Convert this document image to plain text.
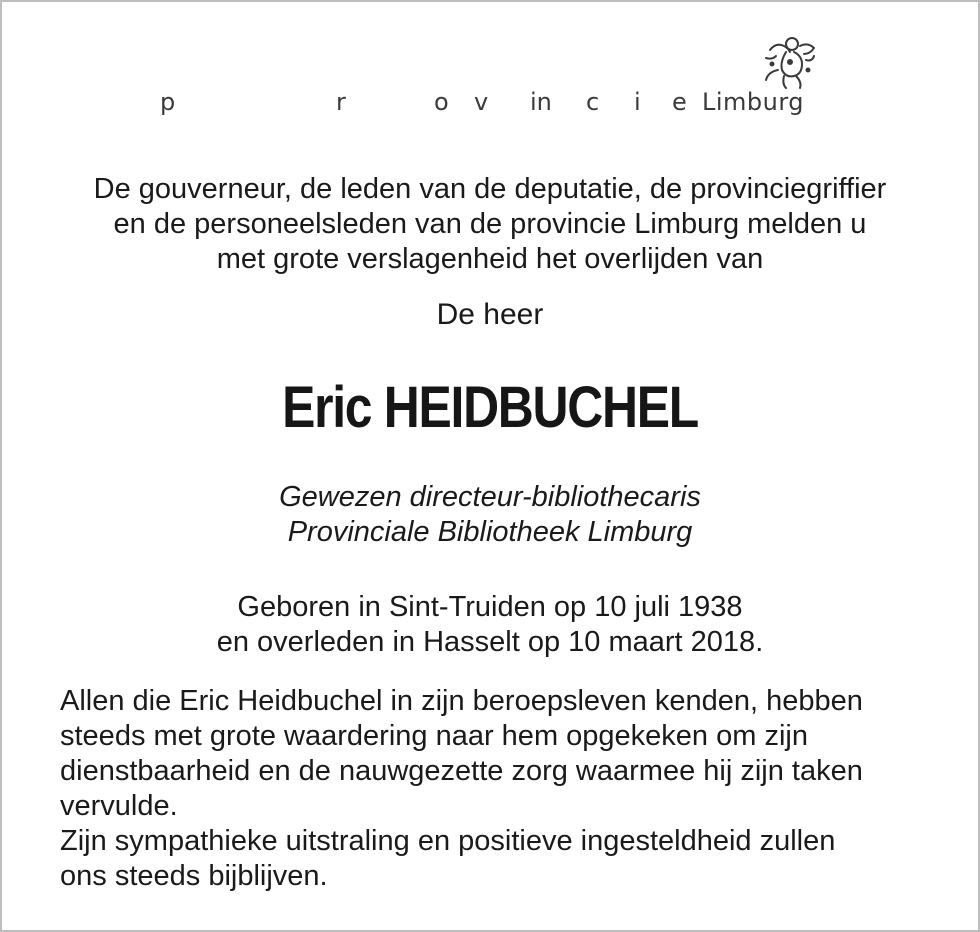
p	r	o v in c i e Limburg
De gouverneur, de leden van de deputatie, de provinciegriffier
en de personeelsleden van de provincie Limburg melden u
met grote verslagenheid het overlijden van
De heer
Eric HEIDBUCHEL
Gewezen directeur-bibliothecaris
Provinciale Bibliotheek Limburg
Geboren in Sint-Truiden op 10 juli 1938
en overleden in Hasselt op 10 maart 2018.
Allen die Eric Heidbuchel in zijn beroepsleven kenden, hebben
steeds met grote waardering naar hem opgekeken om zijn
dienstbaarheid en de nauwgezette zorg waarmee hij zijn taken
vervulde.
Zijn sympathieke uitstraling en positieve ingesteldheid zullen
ons steeds bijblijven.
